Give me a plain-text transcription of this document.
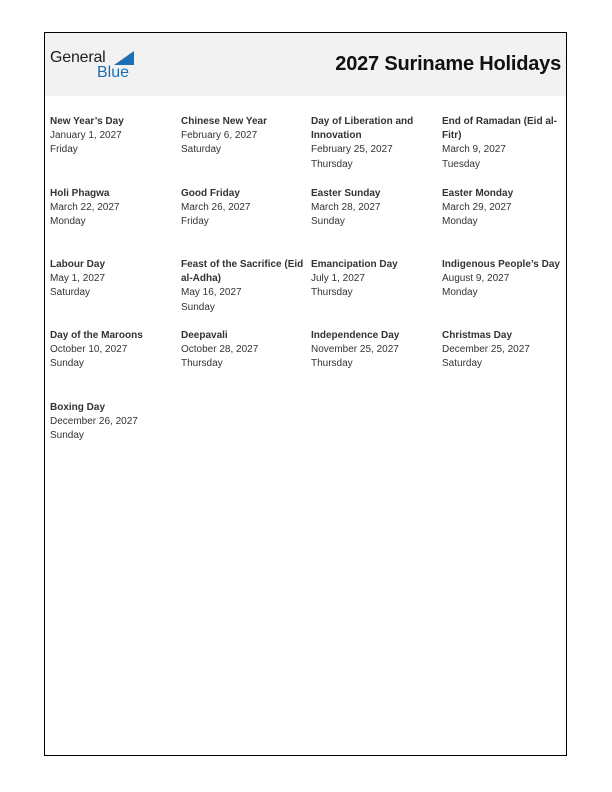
General
Blue	2027 Suriname Holidays
New Year’s Day
January 1, 2027
Friday
Chinese New Year
February 6, 2027
Saturday
Day of Liberation and Innovation
February 25, 2027
Thursday
End of Ramadan (Eid al-Fitr)
March 9, 2027
Tuesday
Holi Phagwa
March 22, 2027
Monday
Good Friday
March 26, 2027
Friday
Easter Sunday
March 28, 2027
Sunday
Easter Monday
March 29, 2027
Monday
Labour Day
May 1, 2027
Saturday
Feast of the Sacrifice (Eid al-Adha)
May 16, 2027
Sunday
Emancipation Day
July 1, 2027
Thursday
Indigenous People’s Day
August 9, 2027
Monday
Day of the Maroons
October 10, 2027
Sunday
Deepavali
October 28, 2027
Thursday
Independence Day
November 25, 2027
Thursday
Christmas Day
December 25, 2027
Saturday
Boxing Day
December 26, 2027
Sunday
